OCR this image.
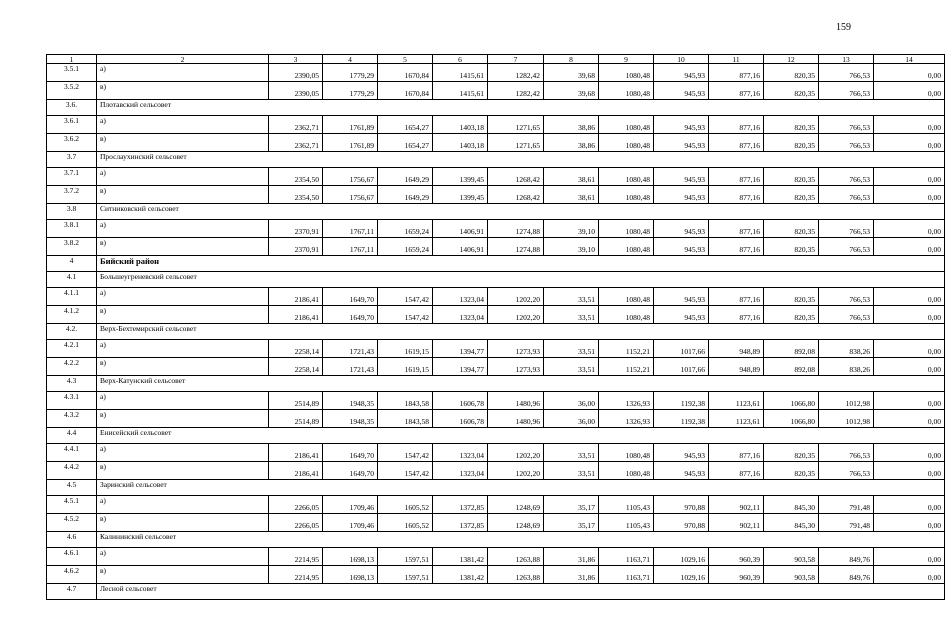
159
1	2	3	4	5	6	7	8	9	10	11	12	13	14
3.5.1	а)	2390,05	1779,29	1670,84	1415,61	1282,42	39,68	1080,48	945,93	877,16	820,35	766,53	0,00
3.5.2	в)	2390,05	1779,29	1670,84	1415,61	1282,42	39,68	1080,48	945,93	877,16	820,35	766,53	0,00
3.6.	Плотавский сельсовет												
3.6.1	а)	2362,71	1761,89	1654,27	1403,18	1271,65	38,86	1080,48	945,93	877,16	820,35	766,53	0,00
3.6.2	в)	2362,71	1761,89	1654,27	1403,18	1271,65	38,86	1080,48	945,93	877,16	820,35	766,53	0,00
3.7	Прослаухинский сельсовет												
3.7.1	а)	2354,50	1756,67	1649,29	1399,45	1268,42	38,61	1080,48	945,93	877,16	820,35	766,53	0,00
3.7.2	в)	2354,50	1756,67	1649,29	1399,45	1268,42	38,61	1080,48	945,93	877,16	820,35	766,53	0,00
3.8	Ситниковский сельсовет												
3.8.1	а)	2370,91	1767,11	1659,24	1406,91	1274,88	39,10	1080,48	945,93	877,16	820,35	766,53	0,00
3.8.2	в)	2370,91	1767,11	1659,24	1406,91	1274,88	39,10	1080,48	945,93	877,16	820,35	766,53	0,00
4	Бийский район												
4.1	Большеугреневский сельсовет												
4.1.1	а)	2186,41	1649,70	1547,42	1323,04	1202,20	33,51	1080,48	945,93	877,16	820,35	766,53	0,00
4.1.2	в)	2186,41	1649,70	1547,42	1323,04	1202,20	33,51	1080,48	945,93	877,16	820,35	766,53	0,00
4.2.	Верх-Бехтемирский сельсовет												
4.2.1	а)	2258,14	1721,43	1619,15	1394,77	1273,93	33,51	1152,21	1017,66	948,89	892,08	838,26	0,00
4.2.2	в)	2258,14	1721,43	1619,15	1394,77	1273,93	33,51	1152,21	1017,66	948,89	892,08	838,26	0,00
4.3	Верх-Катунский сельсовет												
4.3.1	а)	2514,89	1948,35	1843,58	1606,78	1480,96	36,00	1326,93	1192,38	1123,61	1066,80	1012,98	0,00
4.3.2	в)	2514,89	1948,35	1843,58	1606,78	1480,96	36,00	1326,93	1192,38	1123,61	1066,80	1012,98	0,00
4.4	Енисейский сельсовет												
4.4.1	а)	2186,41	1649,70	1547,42	1323,04	1202,20	33,51	1080,48	945,93	877,16	820,35	766,53	0,00
4.4.2	в)	2186,41	1649,70	1547,42	1323,04	1202,20	33,51	1080,48	945,93	877,16	820,35	766,53	0,00
4.5	Заринский сельсовет												
4.5.1	а)	2266,05	1709,46	1605,52	1372,85	1248,69	35,17	1105,43	970,88	902,11	845,30	791,48	0,00
4.5.2	в)	2266,05	1709,46	1605,52	1372,85	1248,69	35,17	1105,43	970,88	902,11	845,30	791,48	0,00
4.6	Калининский сельсовет												
4.6.1	а)	2214,95	1698,13	1597,51	1381,42	1263,88	31,86	1163,71	1029,16	960,39	903,58	849,76	0,00
4.6.2	в)	2214,95	1698,13	1597,51	1381,42	1263,88	31,86	1163,71	1029,16	960,39	903,58	849,76	0,00
4.7	Лесной сельсовет												
